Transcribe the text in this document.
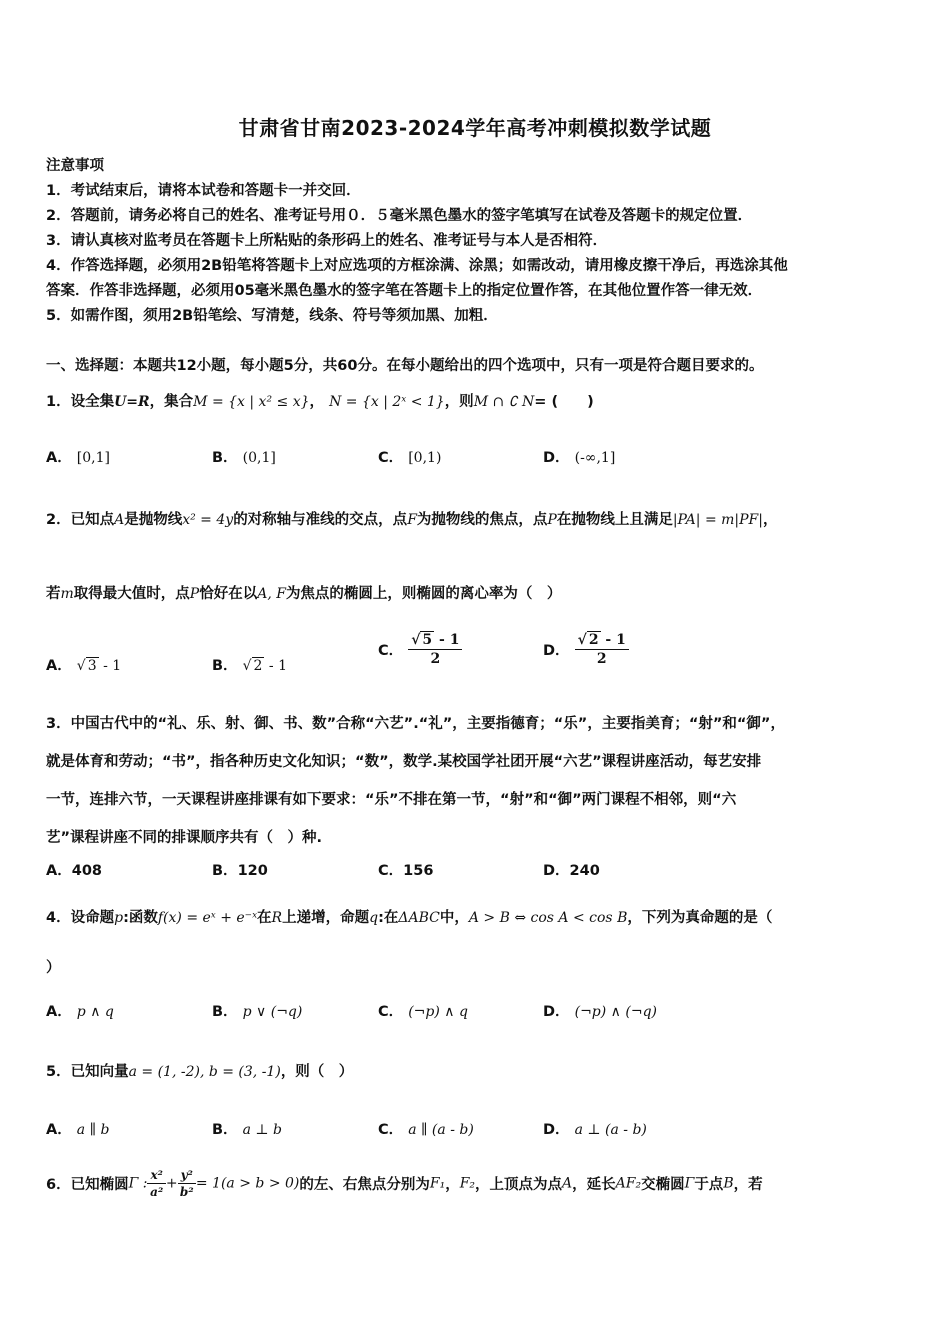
甘肃省甘南2023-2024学年高考冲刺模拟数学试题
注意事项
1．考试结束后，请将本试卷和答题卡一并交回．
2．答题前，请务必将自己的姓名、准考证号用０．５毫米黑色墨水的签字笔填写在试卷及答题卡的规定位置．
3．请认真核对监考员在答题卡上所粘贴的条形码上的姓名、准考证号与本人是否相符．
4．作答选择题，必须用2B铅笔将答题卡上对应选项的方框涂满、涂黑；如需改动，请用橡皮擦干净后，再选涂其他
答案．作答非选择题，必须用05毫米黑色墨水的签字笔在答题卡上的指定位置作答，在其他位置作答一律无效．
5．如需作图，须用2B铅笔绘、写清楚，线条、符号等须加黑、加粗．
一、选择题：本题共12小题，每小题5分，共60分。在每小题给出的四个选项中，只有一项是符合题目要求的。
1．设全集U=R，集合M = {x | x² ≤ x}， N = {x | 2ˣ < 1}，则M ∩ ∁ N= (　　)
A． [0,1]	B． (0,1]	C． [0,1)	D． (-∞,1]
2．已知点A是抛物线x² = 4y的对称轴与准线的交点，点F为抛物线的焦点，点P在抛物线上且满足|PA| = m|PF|，
若m取得最大值时，点P恰好在以A, F为焦点的椭圆上，则椭圆的离心率为（　）
A． √ 3 - 1	B． √ 2 - 1
C． $\frac{√ 5 - 1}{2}$	D． $\frac{√ 2 - 1}{2}$
3．中国古代中的“礼、乐、射、御、书、数”合称“六艺”.“礼”，主要指德育；“乐”，主要指美育；“射”和“御”，
就是体育和劳动；“书”，指各种历史文化知识；“数”，数学.某校国学社团开展“六艺”课程讲座活动，每艺安排
一节，连排六节，一天课程讲座排课有如下要求：“乐”不排在第一节，“射”和“御”两门课程不相邻，则“六
艺”课程讲座不同的排课顺序共有（　）种.
A．408	B．120	C．156	D．240
4．设命题p:函数f(x) = eˣ + e⁻ˣ在R上递增，命题q:在ΔABC中，A > B ⇔ cos A < cos B，下列为真命题的是（
）
A． p ∧ q	B． p ∨ (¬q)	C． (¬p) ∧ q	D． (¬p) ∧ (¬q)
5．已知向量a = (1, -2), b = (3, -1)，则（　）
A． a ∥ b	B． a ⊥ b	C． a ∥ (a - b)	D． a ⊥ (a - b)
6．已知椭圆Γ : $\frac{\text{x²}}{\text{a²}} + \frac{\text{y²}}{\text{b²}} = 1(a > b > 0)$的左、右焦点分别为F₁，F₂，上顶点为点A，延长AF₂交椭圆Γ于点B，若
